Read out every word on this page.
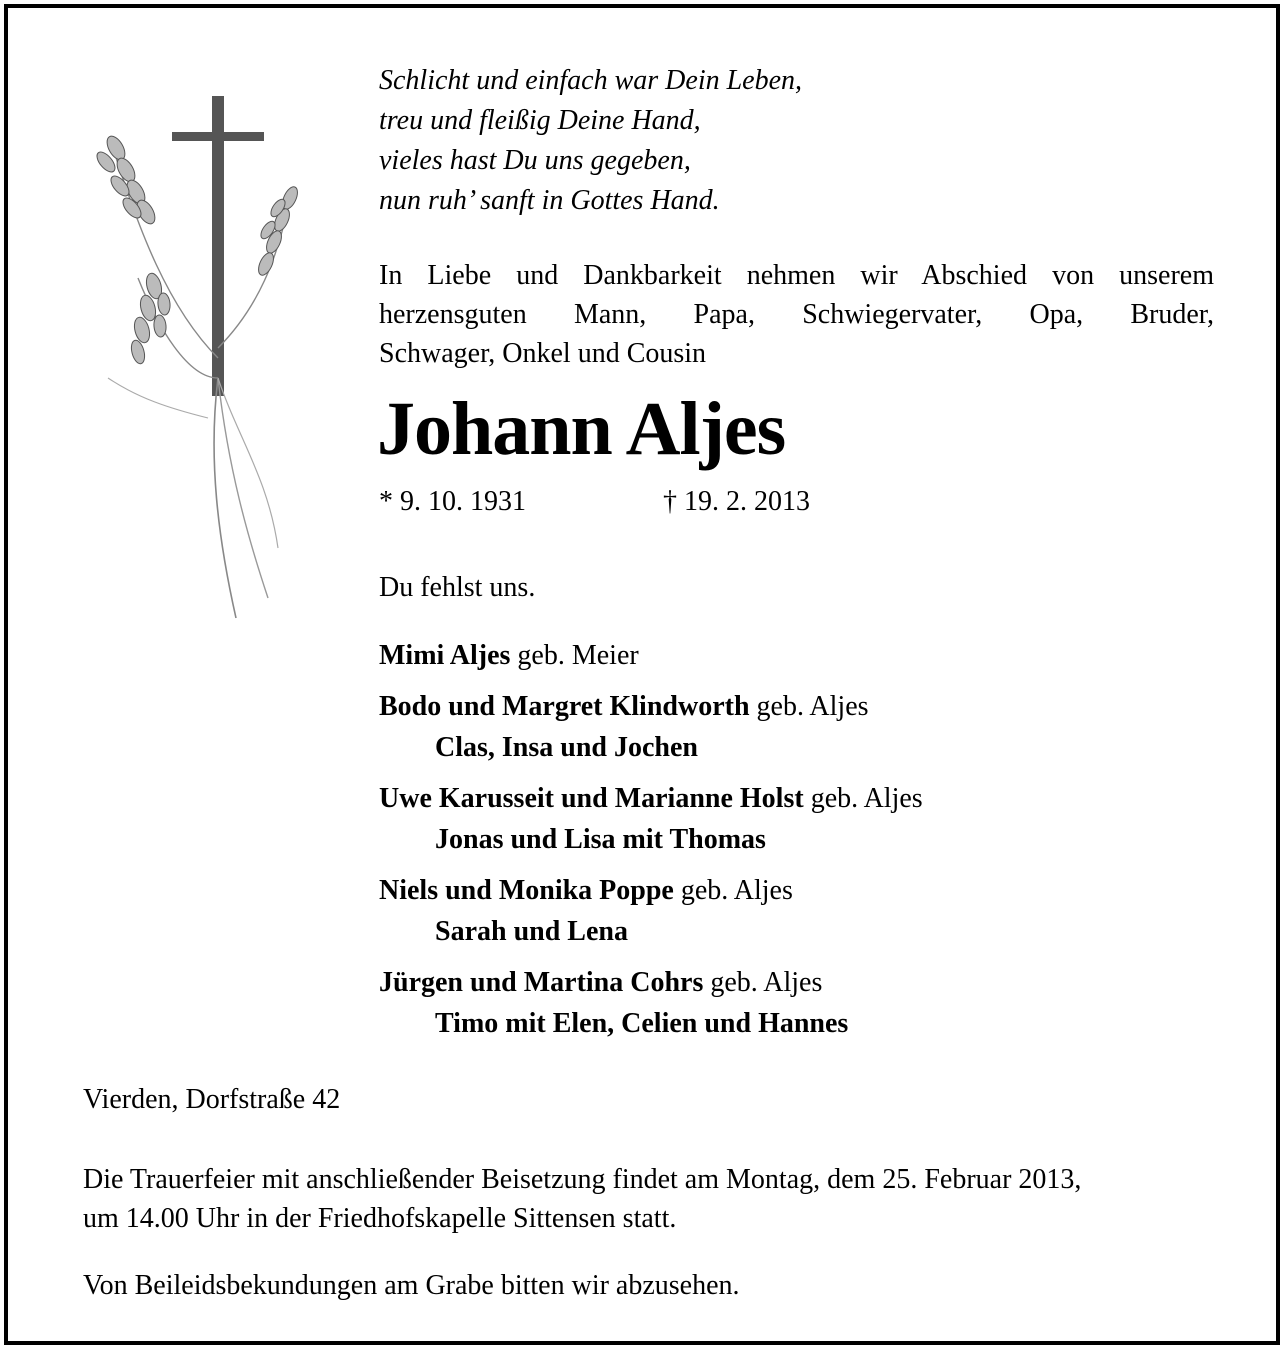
Schlicht und einfach war Dein Leben,
treu und fleißig Deine Hand,
vieles hast Du uns gegeben,
nun ruh’ sanft in Gottes Hand.
In Liebe und Dankbarkeit nehmen wir Abschied von unserem
herzensguten Mann, Papa, Schwiegervater, Opa, Bruder,
Schwager, Onkel und Cousin
Johann Aljes
* 9. 10. 1931	† 19. 2. 2013
Du fehlst uns.
Mimi Aljes geb. Meier
Bodo und Margret Klindworth geb. Aljes
Clas, Insa und Jochen
Uwe Karusseit und Marianne Holst geb. Aljes
Jonas und Lisa mit Thomas
Niels und Monika Poppe geb. Aljes
Sarah und Lena
Jürgen und Martina Cohrs geb. Aljes
Timo mit Elen, Celien und Hannes
Vierden, Dorfstraße 42
Die Trauerfeier mit anschließender Beisetzung findet am Montag, dem 25. Februar 2013,
um 14.00 Uhr in der Friedhofskapelle Sittensen statt.
Von Beileidsbekundungen am Grabe bitten wir abzusehen.
